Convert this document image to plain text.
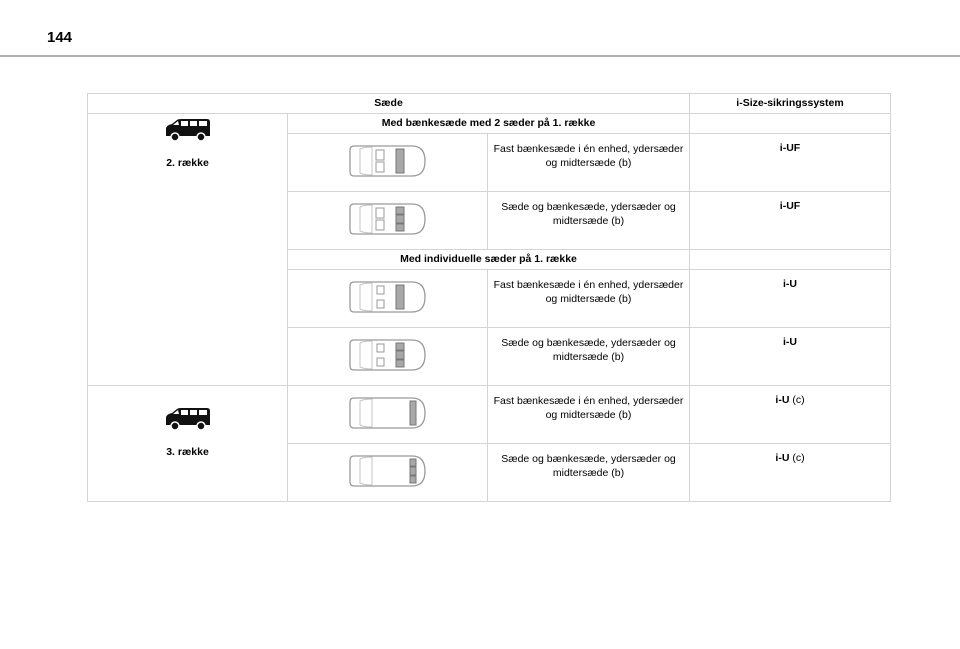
144
Sæde			i-Size-sikringssystem

2. række	Med bænkesæde med 2 sæder på 1. række		

	Fast bænkesæde i én enhed, ydersæder og midtersæde (b)	i-UF

	Sæde og bænkesæde, ydersæder og midtersæde (b)	i-UF
	Med individuelle sæder på 1. række		

	Fast bænkesæde i én enhed, ydersæder og midtersæde (b)	i-U

	Sæde og bænkesæde, ydersæder og midtersæde (b)	i-U

3. række		Fast bænkesæde i én enhed, ydersæder og midtersæde (b)	i-U (c)

	Sæde og bænkesæde, ydersæder og midtersæde (b)	i-U (c)
